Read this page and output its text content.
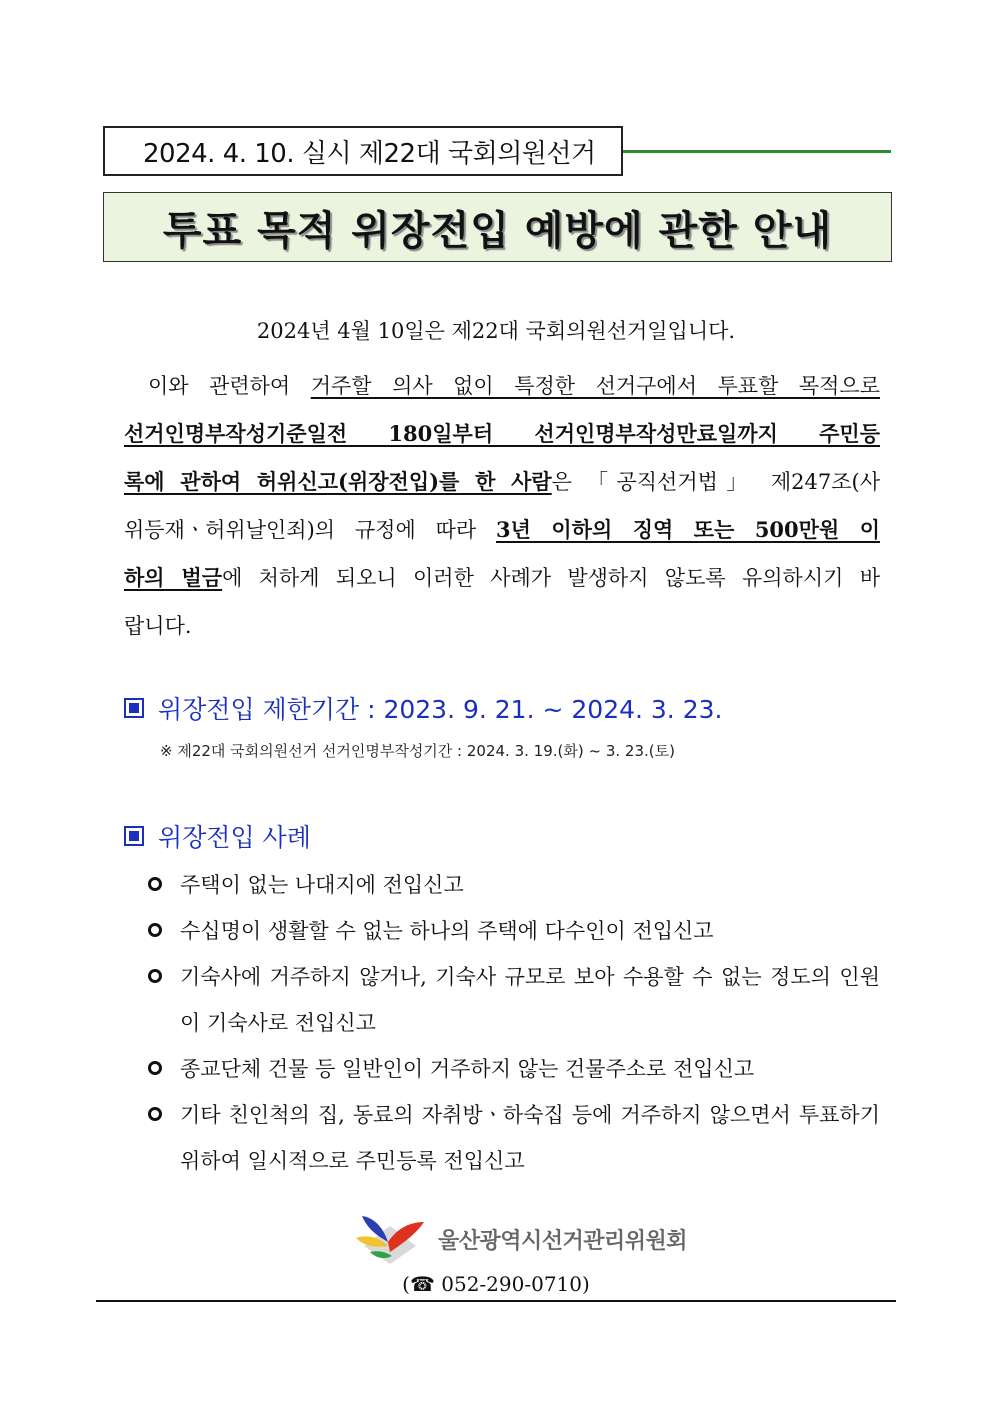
2024. 4. 10. 실시 제22대 국회의원선거
투표 목적 위장전입 예방에 관한 안내
2024년 4월 10일은 제22대 국회의원선거일입니다.
이와 관련하여 거주할 의사 없이 특정한 선거구에서 투표할 목적으로
선거인명부작성기준일전 180일부터 선거인명부작성만료일까지 주민등
록에 관하여 허위신고(위장전입)를 한 사람은 「공직선거법」 제247조(사
위등재ㆍ허위날인죄)의 규정에 따라 3년 이하의 징역 또는 500만원 이
하의 벌금에 처하게 되오니 이러한 사례가 발생하지 않도록 유의하시기 바
랍니다.
위장전입 제한기간 : 2023. 9. 21. ~ 2024. 3. 23.
※ 제22대 국회의원선거 선거인명부작성기간 : 2024. 3. 19.(화) ~ 3. 23.(토)
위장전입 사례
주택이 없는 나대지에 전입신고
수십명이 생활할 수 없는 하나의 주택에 다수인이 전입신고
기숙사에 거주하지 않거나, 기숙사 규모로 보아 수용할 수 없는 정도의 인원이 기숙사로 전입신고
종교단체 건물 등 일반인이 거주하지 않는 건물주소로 전입신고
기타 친인척의 집, 동료의 자취방ㆍ하숙집 등에 거주하지 않으면서 투표하기 위하여 일시적으로 주민등록 전입신고
울산광역시선거관리위원회
(☎ 052-290-0710)
